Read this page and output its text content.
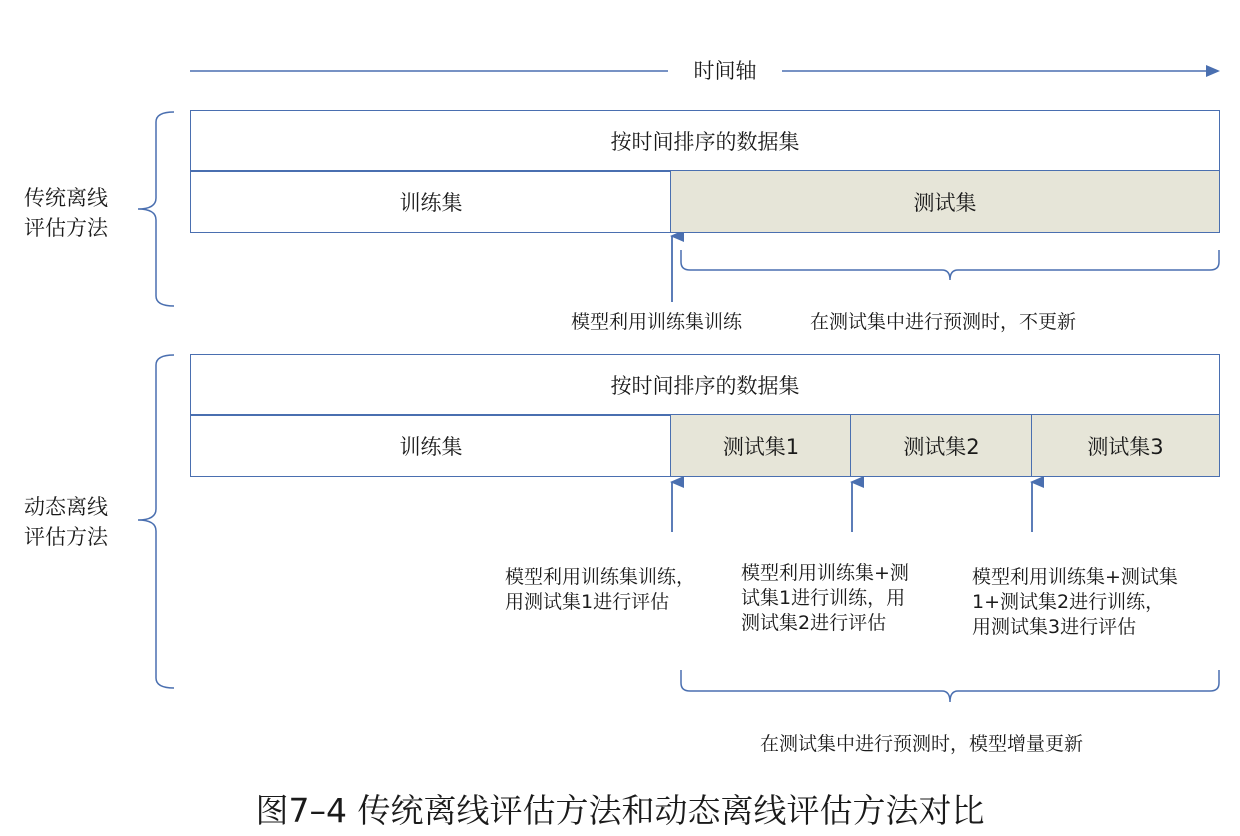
时间轴
传统离线
评估方法
按时间排序的数据集
训练集	测试集
模型利用训练集训练	在测试集中进行预测时，不更新
动态离线
评估方法
按时间排序的数据集
训练集	测试集1	测试集2	测试集3
模型利用训练集训练，
用测试集1进行评估
模型利用训练集+测
试集1进行训练，用
测试集2进行评估
模型利用训练集+测试集
1+测试集2进行训练，
用测试集3进行评估
在测试集中进行预测时，模型增量更新
图7–4 传统离线评估方法和动态离线评估方法对比
